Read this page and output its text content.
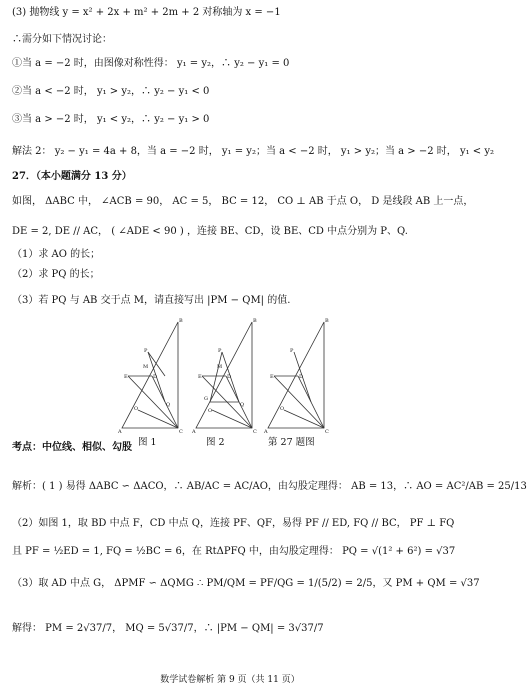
(3) 抛物线 y = x² + 2x + m² + 2m + 2 对称轴为 x = −1
∴需分如下情况讨论：
①当 a = −2 时，由图像对称性得： y₁ = y₂，∴ y₂ − y₁ = 0
②当 a < −2 时， y₁ > y₂，∴ y₂ − y₁ < 0
③当 a > −2 时， y₁ < y₂，∴ y₂ − y₁ > 0
解法 2： y₂ − y₁ = 4a + 8，当 a = −2 时， y₁ = y₂；当 a < −2 时， y₁ > y₂；当 a > −2 时， y₁ < y₂
27．（本小题满分 13 分）
如图， ΔABC 中， ∠ACB = 90， AC = 5， BC = 12， CO ⊥ AB 于点 O， D 是线段 AB 上一点，
DE = 2, DE // AC， ( ∠ADE < 90 ) ，连接 BE、CD，设 BE、CD 中点分别为 P、Q.
（1）求 AO 的长；
（2）求 PQ 的长；
（3）若 PQ 与 AB 交于点 M，请直接写出 |PM − QM| 的值.
考点：中位线、相似、勾股
解析：( 1 ) 易得 ΔABC ∽ ΔACO，∴ AB/AC = AC/AO，由勾股定理得： AB = 13，∴ AO = AC²/AB = 25/13
（2）如图 1，取 BD 中点 F，CD 中点 Q，连接 PF、QF，易得 PF // ED, FQ // BC， PF ⊥ FQ
且 PF = ½ED = 1, FQ = ½BC = 6，在 RtΔPFQ 中，由勾股定理得： PQ = √(1² + 6²) = √37
（3）取 AD 中点 G， ΔPMF ∽ ΔQMG ∴ PM/QM = PF/QG = 1/(5/2) = 2/5，又 PM + QM = √37
解得： PM = 2√37/7， MQ = 5√37/7，∴ |PM − QM| = 3√37/7
B
A	C
P
M
E	D
O
Q
图 1
B
A	C
P
M
E	D
G
O
Q
图 2
B
A	C
P
E	D
O
第 27 题图
数学试卷解析 第 9 页（共 11 页）
